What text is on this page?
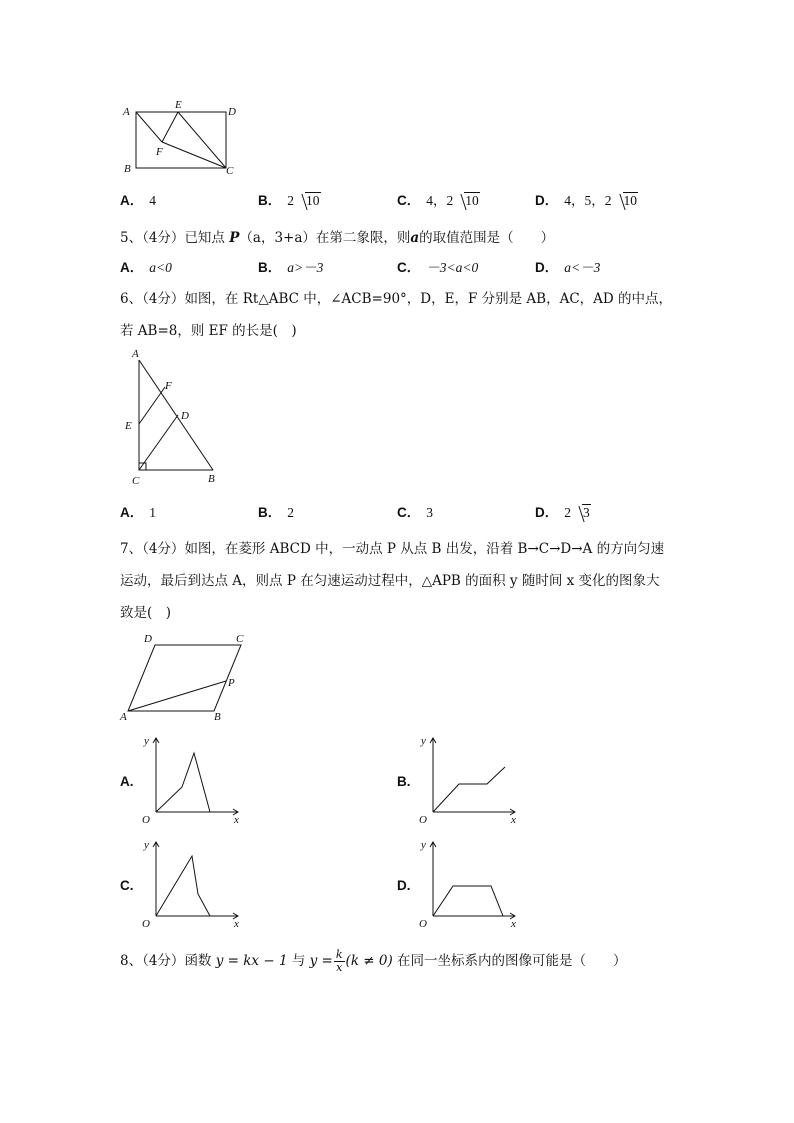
A
E
D
F
B	C
A． 4	B． 2 10	C． 4，2 10	D． 4，5，2 10
5、（4分）已知点 P（a，3+a）在第二象限，则a的取值范围是（　　）
A． a<0	B． a>－3	C． －3<a<0	D． a<－3
6、（4分）如图，在 Rt△ABC 中，∠ACB=90°，D，E，F 分别是 AB，AC，AD 的中点，
若 AB=8，则 EF 的长是(　)
A
F
D
E
C	B
A． 1	B． 2	C． 3	D． 2 3
7、（4分）如图，在菱形 ABCD 中，一动点 P 从点 B 出发，沿着 B→C→D→A 的方向匀速
运动，最后到达点 A，则点 P 在匀速运动过程中，△APB 的面积 y 随时间 x 变化的图象大
致是(　)
D	C
P
A	B
A.
y
x
O
B.
y
x
O
C.
y
x
O
D.
y
x
O
8、（4分）函数 y = kx − 1 与 $y = \frac{k}{x} (k \ne 0)$ 在同一坐标系内的图像可能是（　　）
